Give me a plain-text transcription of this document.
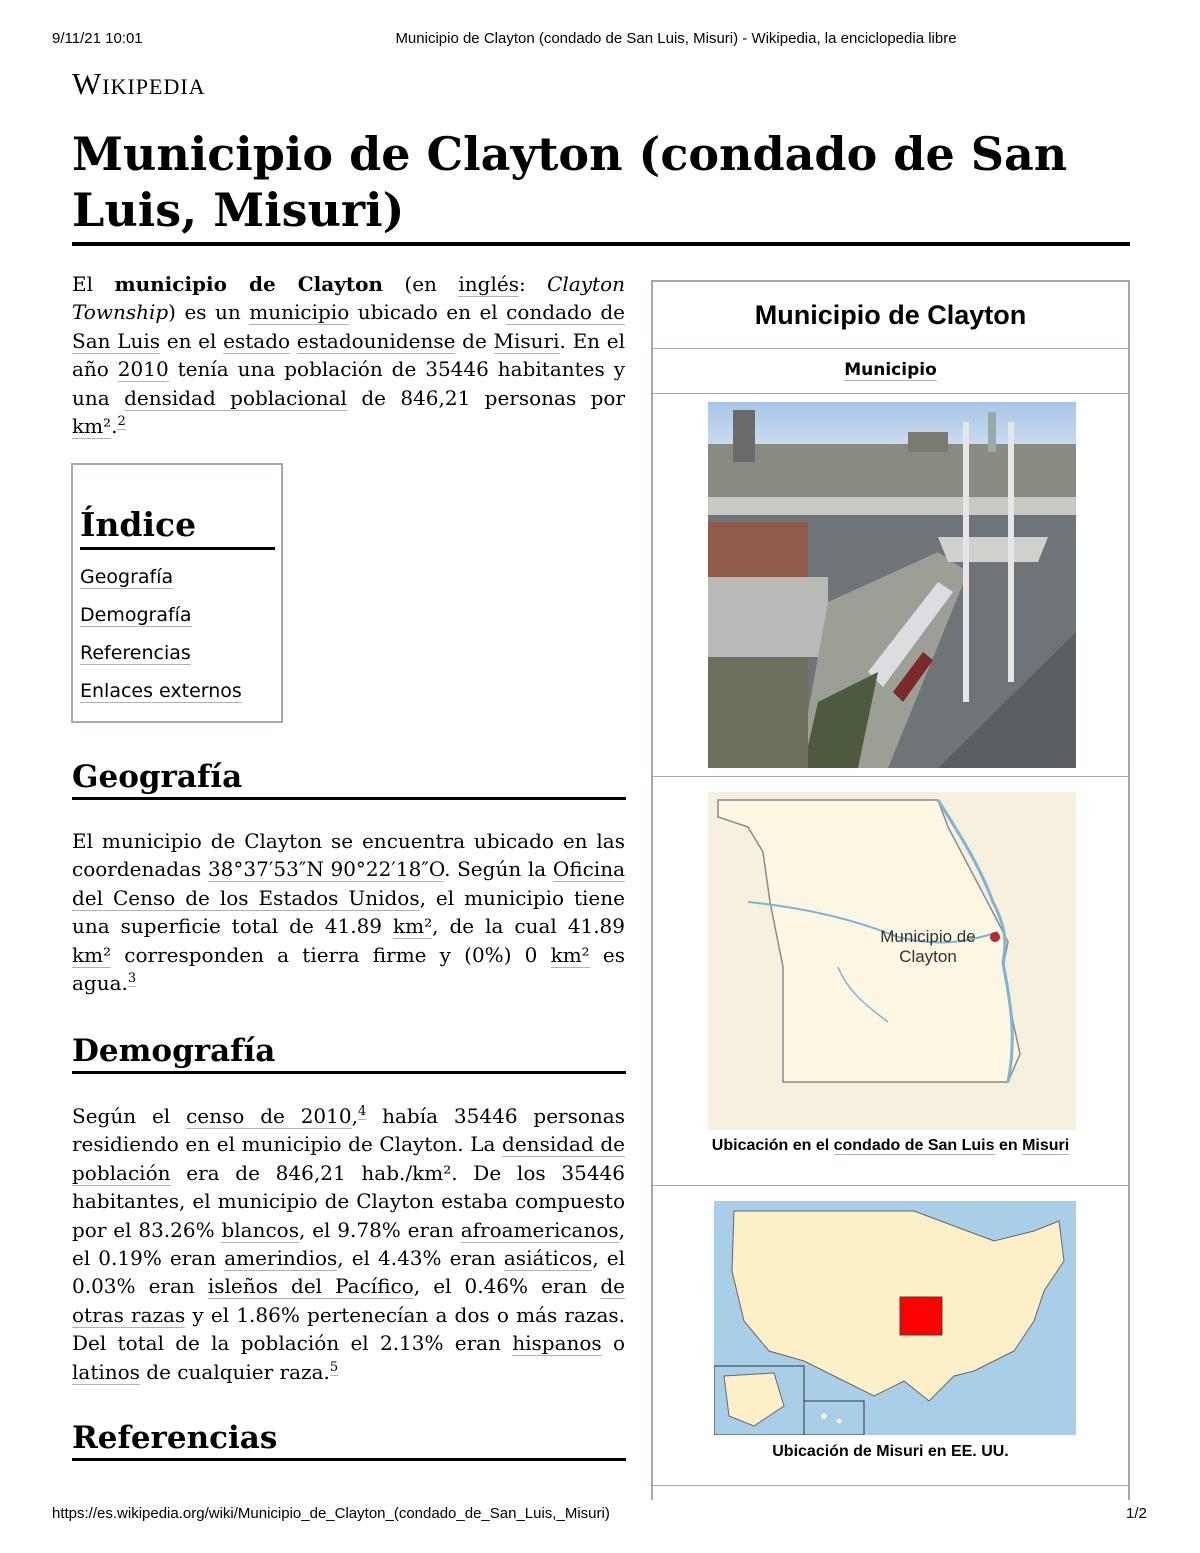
9/11/21 10:01	Municipio de Clayton (condado de San Luis, Misuri) - Wikipedia, la enciclopedia libre
Wikipedia
Municipio de Clayton (condado de San Luis, Misuri)

El municipio de Clayton (en inglés: Clayton Township) es un municipio ubicado en el condado de San Luis en el estado estadounidense de Misuri. En el año 2010 tenía una población de 35446 habitantes y una densidad poblacional de 846,21 personas por km².$^2$

Índice
Geografía
Demografía
Referencias
Enlaces externos
Geografía

El municipio de Clayton se encuentra ubicado en las coordenadas 38°37′53″N 90°22′18″O. Según la Oficina del Censo de los Estados Unidos, el municipio tiene una superficie total de 41.89 km², de la cual 41.89 km² corresponden a tierra firme y (0%) 0 km² es agua.$^3$

Demografía

Según el censo de 2010,$^4$ había 35446 personas residiendo en el municipio de Clayton. La densidad de población era de 846,21 hab./km². De los 35446 habitantes, el municipio de Clayton estaba compuesto por el 83.26% blancos, el 9.78% eran afroamericanos, el 0.19% eran amerindios, el 4.43% eran asiáticos, el 0.03% eran isleños del Pacífico, el 0.46% eran de otras razas y el 1.86% pertenecían a dos o más razas. Del total de la población el 2.13% eran hispanos o latinos de cualquier raza.$^5$

Referencias
Municipio de Clayton
Municipio
Municipio de
Clayton
Ubicación en el condado de San Luis en Misuri
Ubicación de Misuri en EE. UU.
https://es.wikipedia.org/wiki/Municipio_de_Clayton_(condado_de_San_Luis,_Misuri)	1/2
